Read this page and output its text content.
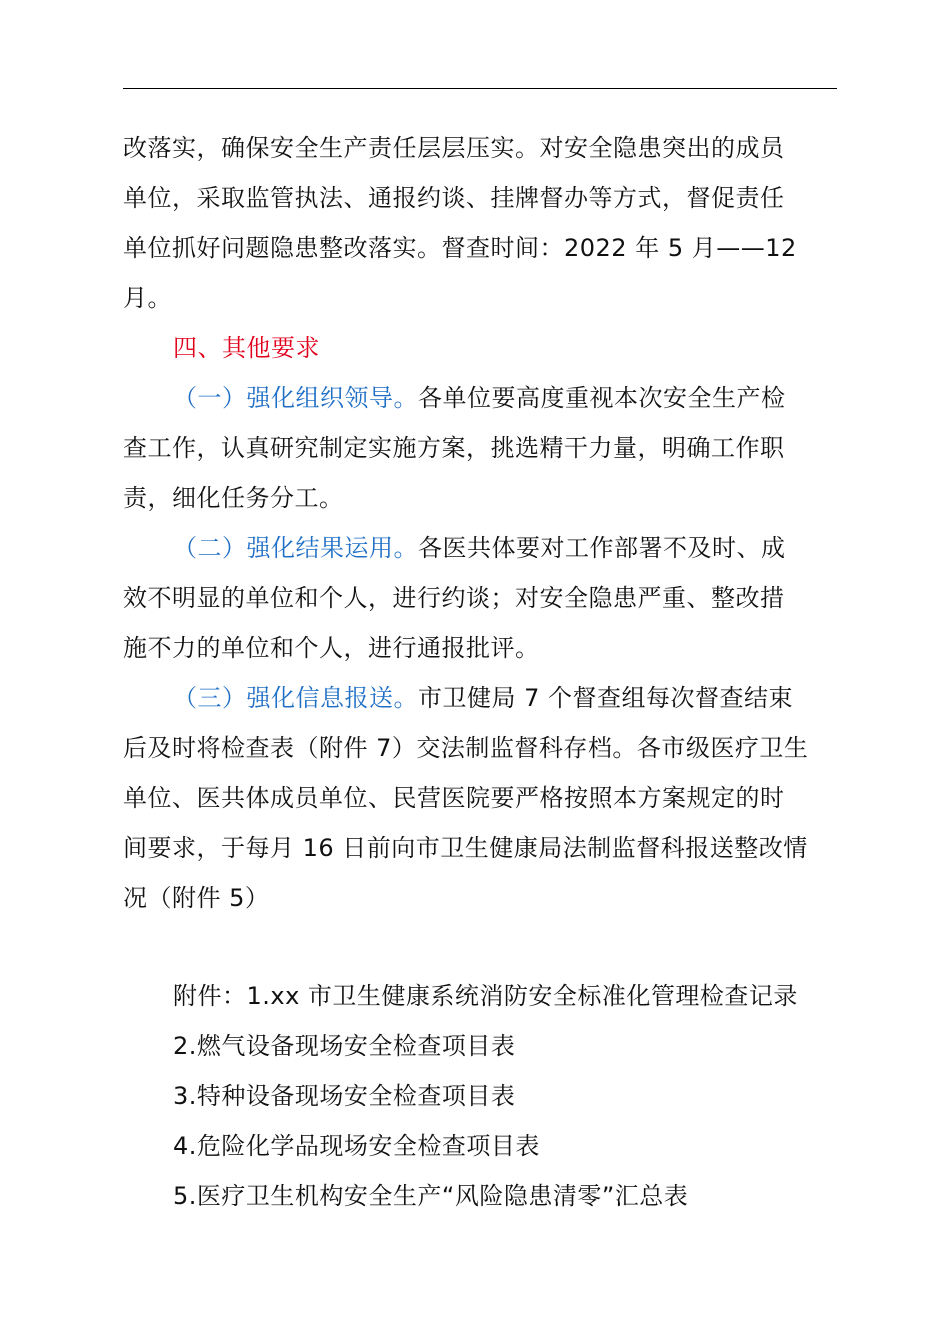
改落实，确保安全生产责任层层压实。对安全隐患突出的成员
单位，采取监管执法、通报约谈、挂牌督办等方式，督促责任
单位抓好问题隐患整改落实。督查时间：2022 年 5 月——12
月。
四、其他要求
（一）强化组织领导。各单位要高度重视本次安全生产检
查工作，认真研究制定实施方案，挑选精干力量，明确工作职
责，细化任务分工。
（二）强化结果运用。各医共体要对工作部署不及时、成
效不明显的单位和个人，进行约谈；对安全隐患严重、整改措
施不力的单位和个人，进行通报批评。
（三）强化信息报送。市卫健局 7 个督查组每次督查结束
后及时将检查表（附件 7）交法制监督科存档。各市级医疗卫生
单位、医共体成员单位、民营医院要严格按照本方案规定的时
间要求，于每月 16 日前向市卫生健康局法制监督科报送整改情
况（附件 5）
附件：1.xx 市卫生健康系统消防安全标准化管理检查记录
2.燃气设备现场安全检查项目表
3.特种设备现场安全检查项目表
4.危险化学品现场安全检查项目表
5.医疗卫生机构安全生产“风险隐患清零”汇总表
